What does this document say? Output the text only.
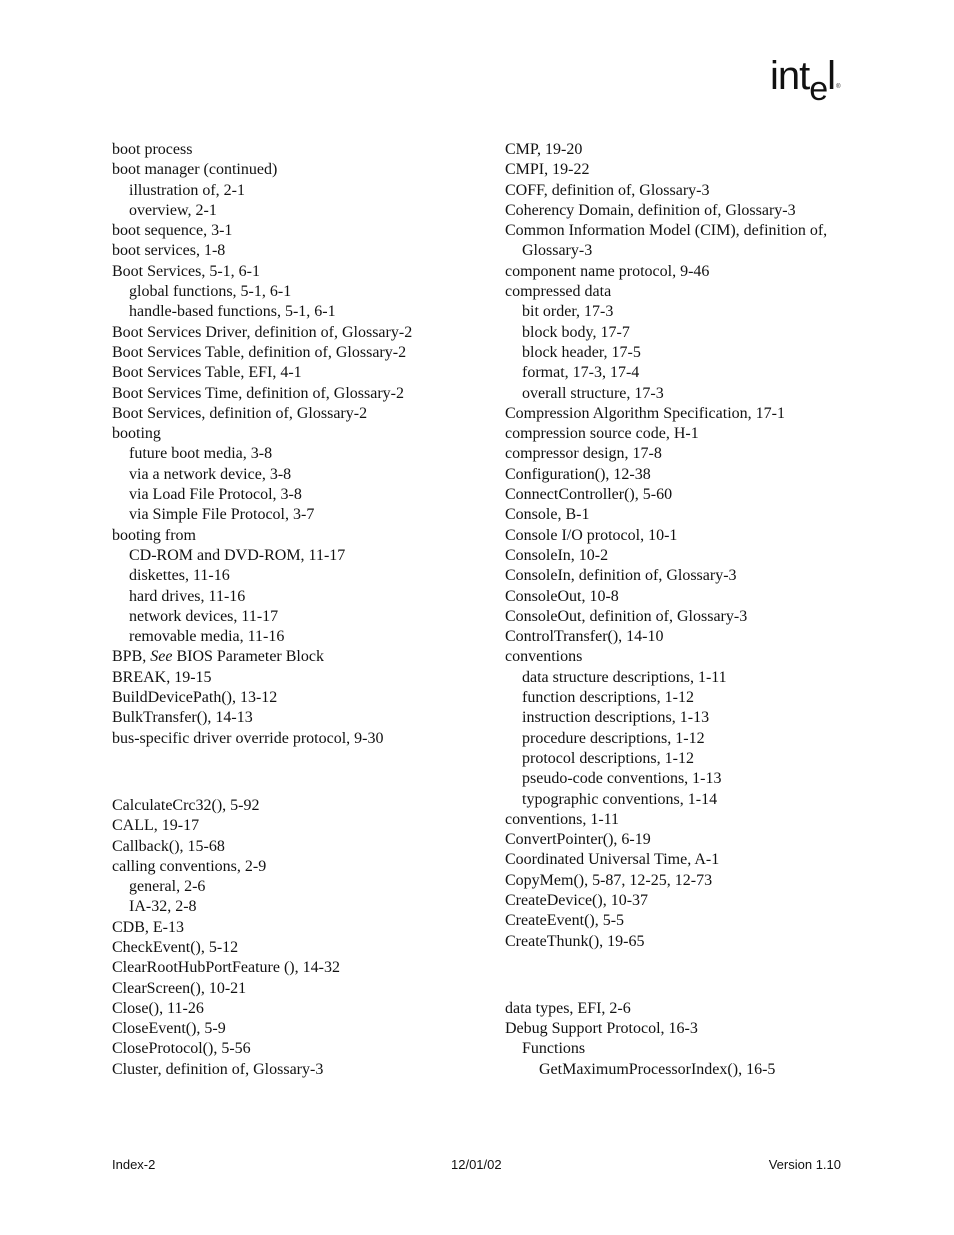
int$_e$l®
boot process
boot manager (continued)
illustration of, 2-1
overview, 2-1
boot sequence, 3-1
boot services, 1-8
Boot Services, 5-1, 6-1
global functions, 5-1, 6-1
handle-based functions, 5-1, 6-1
Boot Services Driver, definition of, Glossary-2
Boot Services Table, definition of, Glossary-2
Boot Services Table, EFI, 4-1
Boot Services Time, definition of, Glossary-2
Boot Services, definition of, Glossary-2
booting
future boot media, 3-8
via a network device, 3-8
via Load File Protocol, 3-8
via Simple File Protocol, 3-7
booting from
CD-ROM and DVD-ROM, 11-17
diskettes, 11-16
hard drives, 11-16
network devices, 11-17
removable media, 11-16
BPB, See BIOS Parameter Block
BREAK, 19-15
BuildDevicePath(), 13-12
BulkTransfer(), 14-13
bus-specific driver override protocol, 9-30
CalculateCrc32(), 5-92
CALL, 19-17
Callback(), 15-68
calling conventions, 2-9
general, 2-6
IA-32, 2-8
CDB, E-13
CheckEvent(), 5-12
ClearRootHubPortFeature (), 14-32
ClearScreen(), 10-21
Close(), 11-26
CloseEvent(), 5-9
CloseProtocol(), 5-56
Cluster, definition of, Glossary-3
CMP, 19-20
CMPI, 19-22
COFF, definition of, Glossary-3
Coherency Domain, definition of, Glossary-3
Common Information Model (CIM), definition of, Glossary-3
component name protocol, 9-46
compressed data
bit order, 17-3
block body, 17-7
block header, 17-5
format, 17-3, 17-4
overall structure, 17-3
Compression Algorithm Specification, 17-1
compression source code, H-1
compressor design, 17-8
Configuration(), 12-38
ConnectController(), 5-60
Console, B-1
Console I/O protocol, 10-1
ConsoleIn, 10-2
ConsoleIn, definition of, Glossary-3
ConsoleOut, 10-8
ConsoleOut, definition of, Glossary-3
ControlTransfer(), 14-10
conventions
data structure descriptions, 1-11
function descriptions, 1-12
instruction descriptions, 1-13
procedure descriptions, 1-12
protocol descriptions, 1-12
pseudo-code conventions, 1-13
typographic conventions, 1-14
conventions, 1-11
ConvertPointer(), 6-19
Coordinated Universal Time, A-1
CopyMem(), 5-87, 12-25, 12-73
CreateDevice(), 10-37
CreateEvent(), 5-5
CreateThunk(), 19-65
data types, EFI, 2-6
Debug Support Protocol, 16-3
Functions
GetMaximumProcessorIndex(), 16-5
Index-2	12/01/02	Version 1.10
